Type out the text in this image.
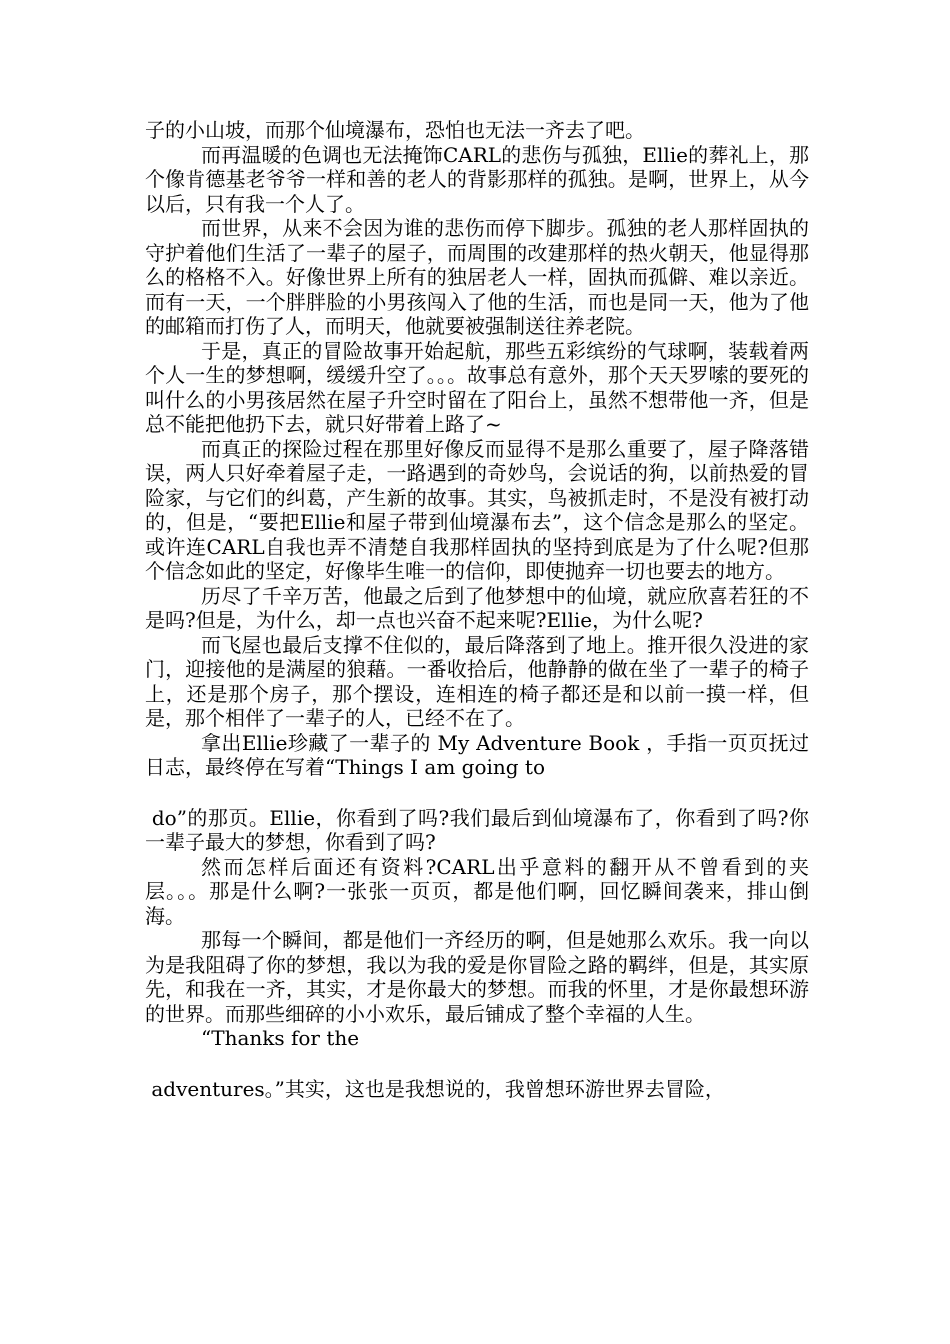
子的小山坡，而那个仙境瀑布，恐怕也无法一齐去了吧。

而再温暖的色调也无法掩饰CARL的悲伤与孤独，Ellie的葬礼上，那个像肯德基老爷爷一样和善的老人的背影那样的孤独。是啊，世界上，从今以后，只有我一个人了。

而世界，从来不会因为谁的悲伤而停下脚步。孤独的老人那样固执的守护着他们生活了一辈子的屋子，而周围的改建那样的热火朝天，他显得那么的格格不入。好像世界上所有的独居老人一样，固执而孤僻、难以亲近。而有一天，一个胖胖脸的小男孩闯入了他的生活，而也是同一天，他为了他的邮箱而打伤了人，而明天，他就要被强制送往养老院。

于是，真正的冒险故事开始起航，那些五彩缤纷的气球啊，装载着两个人一生的梦想啊，缓缓升空了。。。故事总有意外，那个天天罗嗦的要死的叫什么的小男孩居然在屋子升空时留在了阳台上，虽然不想带他一齐，但是总不能把他扔下去，就只好带着上路了~

而真正的探险过程在那里好像反而显得不是那么重要了，屋子降落错误，两人只好牵着屋子走，一路遇到的奇妙鸟，会说话的狗，以前热爱的冒险家，与它们的纠葛，产生新的故事。其实，鸟被抓走时，不是没有被打动的，但是，“要把Ellie和屋子带到仙境瀑布去”，这个信念是那么的坚定。或许连CARL自我也弄不清楚自我那样固执的坚持到底是为了什么呢?但那个信念如此的坚定，好像毕生唯一的信仰，即使抛弃一切也要去的地方。

历尽了千辛万苦，他最之后到了他梦想中的仙境，就应欣喜若狂的不是吗?但是，为什么，却一点也兴奋不起来呢?Ellie，为什么呢?

而飞屋也最后支撑不住似的，最后降落到了地上。推开很久没进的家门，迎接他的是满屋的狼藉。一番收拾后，他静静的做在坐了一辈子的椅子上，还是那个房子，那个摆设，连相连的椅子都还是和以前一摸一样，但是，那个相伴了一辈子的人，已经不在了。

拿出Ellie珍藏了一辈子的 My Adventure Book ，手指一页页抚过日志，最终停在写着“Things I am going to

do”的那页。Ellie，你看到了吗?我们最后到仙境瀑布了，你看到了吗?你一辈子最大的梦想，你看到了吗?

然而怎样后面还有资料?CARL出乎意料的翻开从不曾看到的夹层。。。那是什么啊?一张张一页页，都是他们啊，回忆瞬间袭来，排山倒海。

那每一个瞬间，都是他们一齐经历的啊，但是她那么欢乐。我一向以为是我阻碍了你的梦想，我以为我的爱是你冒险之路的羁绊，但是，其实原先，和我在一齐，其实，才是你最大的梦想。而我的怀里，才是你最想环游的世界。而那些细碎的小小欢乐，最后铺成了整个幸福的人生。

“Thanks for the

adventures。”其实，这也是我想说的，我曾想环游世界去冒险，
